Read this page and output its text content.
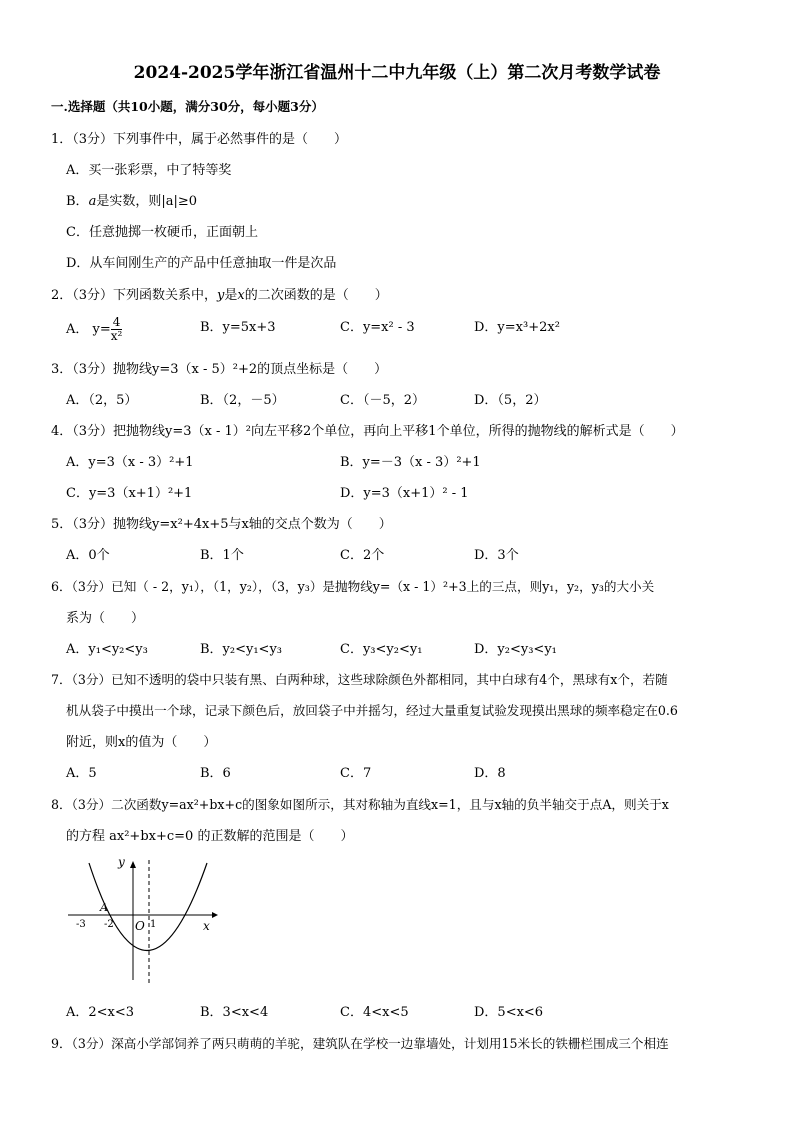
2024-2025学年浙江省温州十二中九年级（上）第二次月考数学试卷
一.选择题（共10小题，满分30分，每小题3分）
1．（3分）下列事件中，属于必然事件的是（　　）
A．买一张彩票，中了特等奖
B．a是实数，则|a|≥0
C．任意抛掷一枚硬币，正面朝上
D．从车间刚生产的产品中任意抽取一件是次品
2．（3分）下列函数关系中，y是x的二次函数的是（　　）
A． $y= \frac{4}{\text{x²}}$	B．y=5x+3	C．y=x² - 3	D．y=x³+2x²
3．（3分）抛物线y=3（x - 5）²+2的顶点坐标是（　　）
A．（2，5）	B．（2，－5）	C．（－5，2）	D．（5，2）
4．（3分）把抛物线y=3（x - 1）²向左平移2个单位，再向上平移1个单位，所得的抛物线的解析式是（　　）
A．y=3（x - 3）²+1	B．y=－3（x - 3）²+1
C．y=3（x+1）²+1	D．y=3（x+1）² - 1
5．（3分）抛物线y=x²+4x+5与x轴的交点个数为（　　）
A．0个	B．1个	C．2个	D．3个
6．（3分）已知（ - 2，y₁），（1，y₂），（3，y₃）是抛物线y=（x - 1）²+3上的三点，则y₁，y₂，y₃的大小关
系为（　　）
A．y₁<y₂<y₃	B．y₂<y₁<y₃	C．y₃<y₂<y₁	D．y₂<y₃<y₁
7．（3分）已知不透明的袋中只装有黑、白两种球，这些球除颜色外都相同，其中白球有4个，黑球有x个，若随
机从袋子中摸出一个球，记录下颜色后，放回袋子中并摇匀，经过大量重复试验发现摸出黑球的频率稳定在0.6
附近，则x的值为（　　）
A．5	B．6	C．7	D．8
8．（3分）二次函数y=ax²+bx+c的图象如图所示，其对称轴为直线x=1，且与x轴的负半轴交于点A，则关于x
的方程 ax²+bx+c=0 的正数解的范围是（　　）
y
x
A
O
-3 -2	1
A．2<x<3	B．3<x<4	C．4<x<5	D．5<x<6
9．（3分）深高小学部饲养了两只萌萌的羊驼，建筑队在学校一边靠墙处，计划用15米长的铁栅栏围成三个相连
